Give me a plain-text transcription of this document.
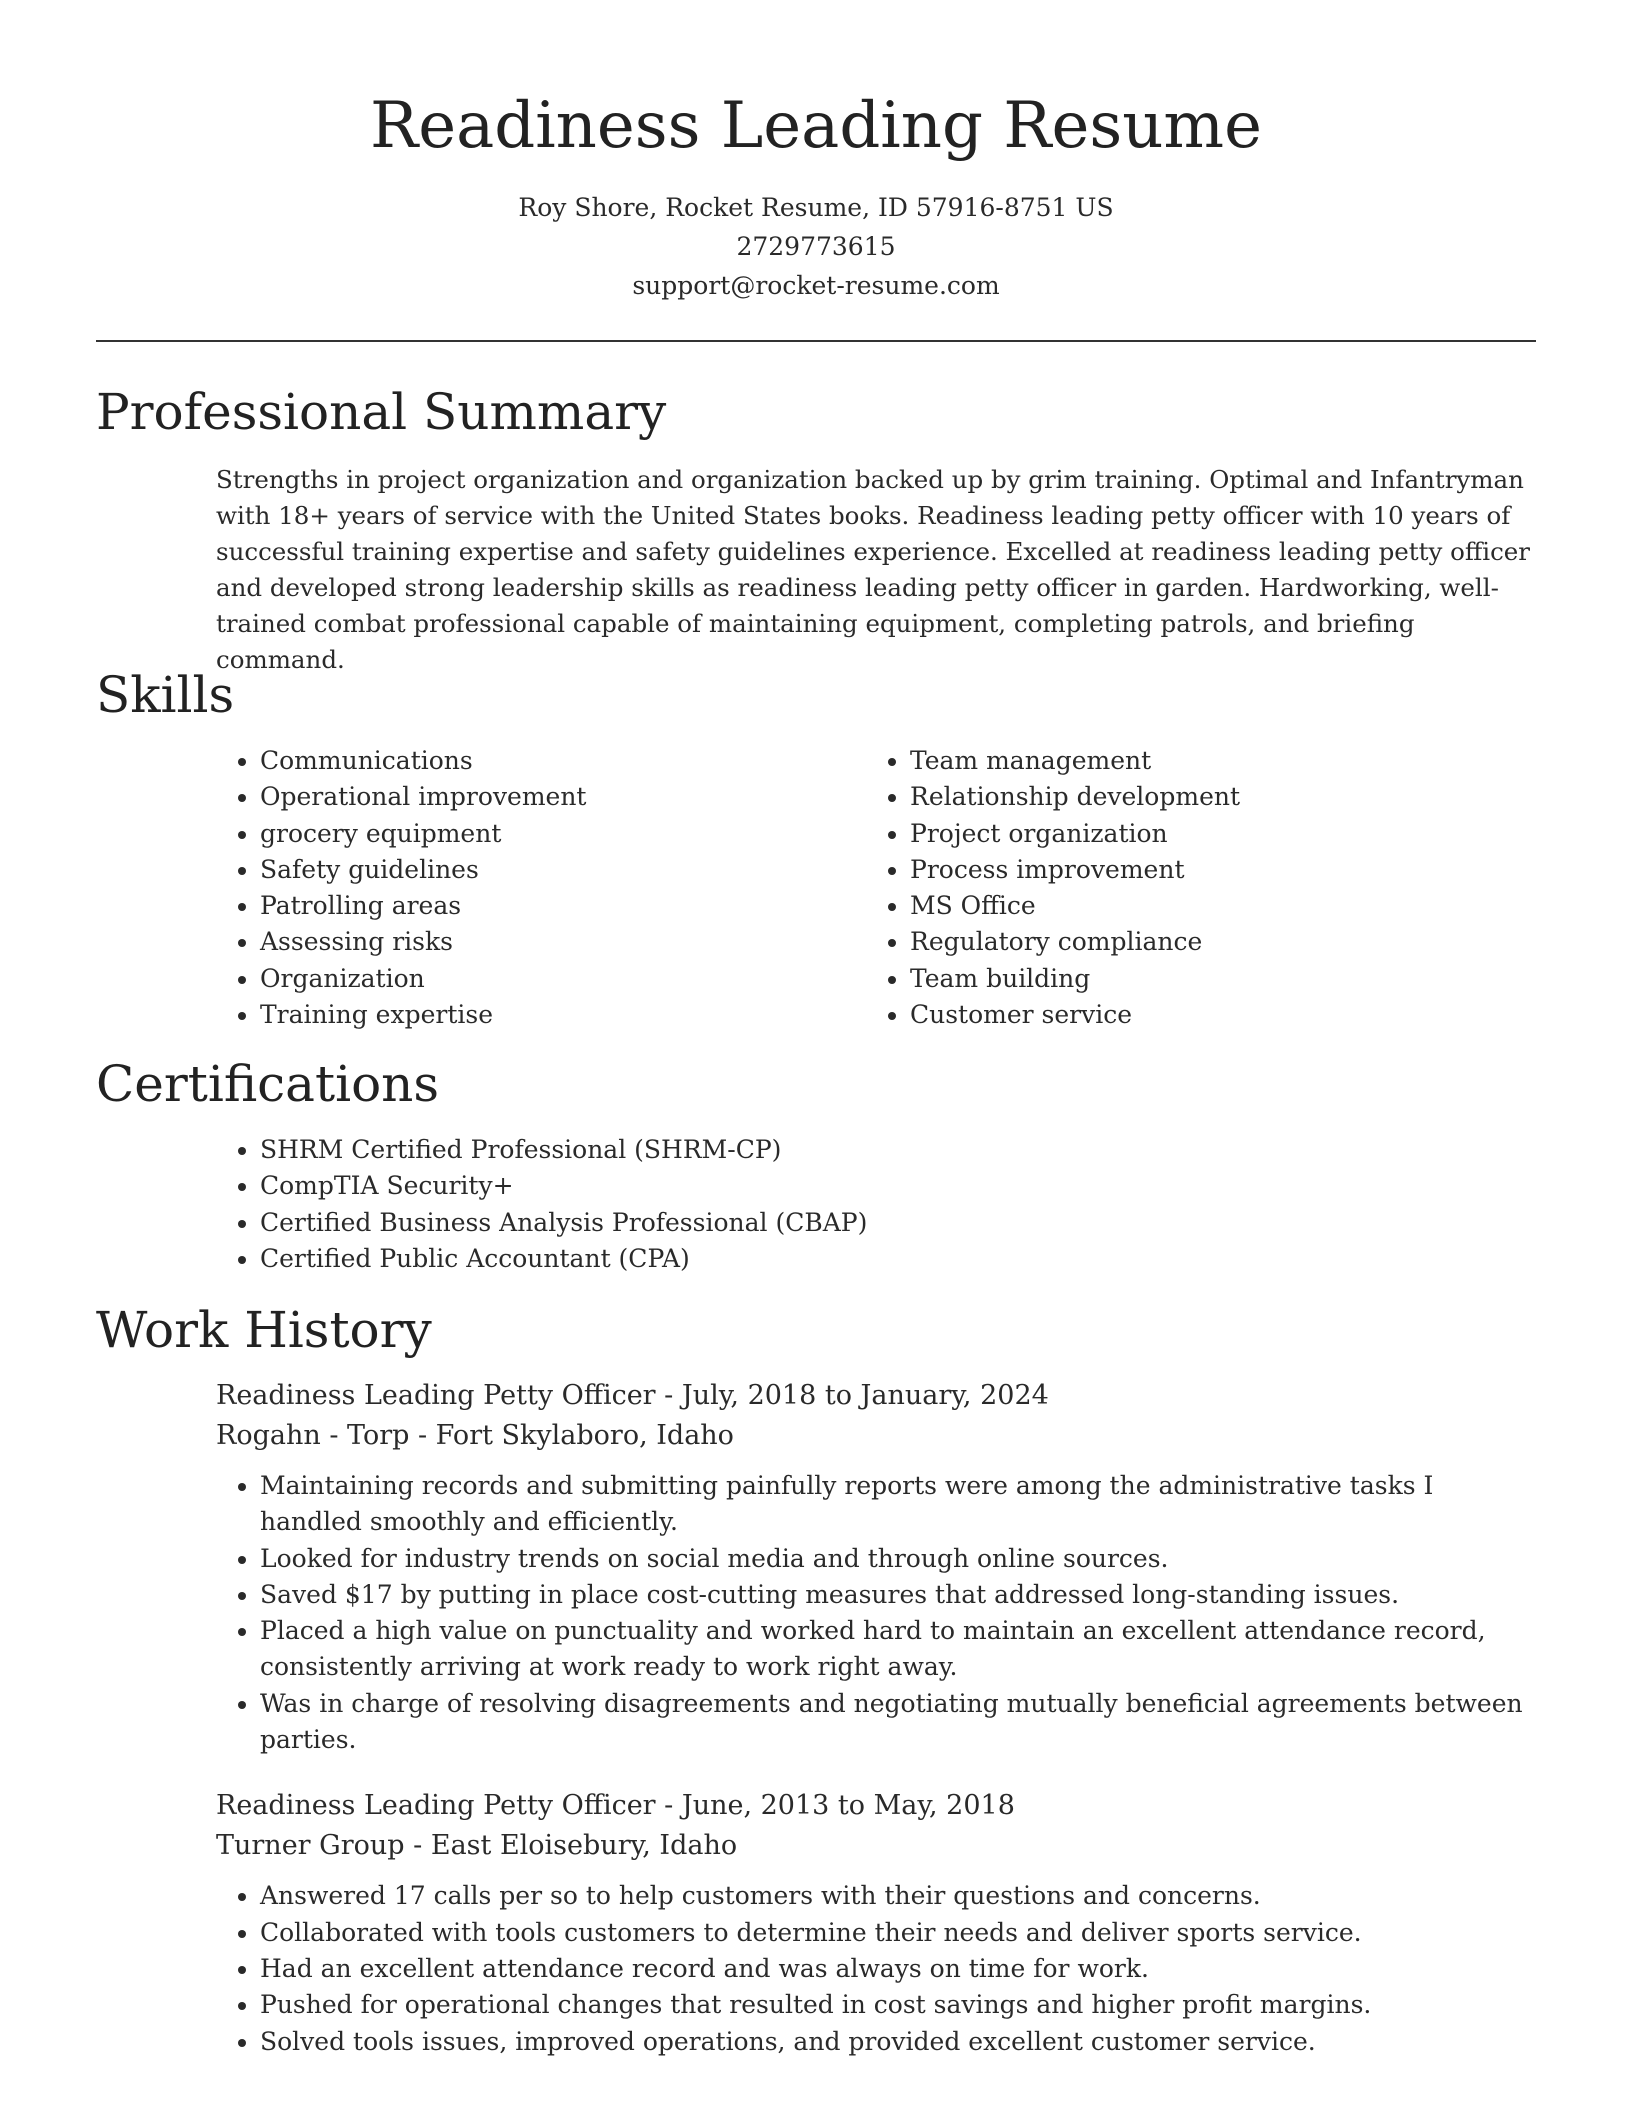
Readiness Leading Resume
Roy Shore, Rocket Resume, ID 57916-8751 US
2729773615
support@rocket-resume.com
Professional Summary

Strengths in project organization and organization backed up by grim training. Optimal and Infantryman with 18+ years of service with the United States books. Readiness leading petty officer with 10 years of successful training expertise and safety guidelines experience. Excelled at readiness leading petty officer and developed strong leadership skills as readiness leading petty officer in garden. Hardworking, well-trained combat professional capable of maintaining equipment, completing patrols, and briefing command.

Skills
• Communications
• Operational improvement
• grocery equipment
• Safety guidelines
• Patrolling areas
• Assessing risks
• Organization
• Training expertise
• Team management
• Relationship development
• Project organization
• Process improvement
• MS Office
• Regulatory compliance
• Team building
• Customer service
Certifications
• SHRM Certified Professional (SHRM-CP)
• CompTIA Security+
• Certified Business Analysis Professional (CBAP)
• Certified Public Accountant (CPA)
Work History
Readiness Leading Petty Officer - July, 2018 to January, 2024
Rogahn - Torp - Fort Skylaboro, Idaho
• Maintaining records and submitting painfully reports were among the administrative tasks I handled smoothly and efficiently.
• Looked for industry trends on social media and through online sources.
• Saved $17 by putting in place cost-cutting measures that addressed long-standing issues.
• Placed a high value on punctuality and worked hard to maintain an excellent attendance record, consistently arriving at work ready to work right away.
• Was in charge of resolving disagreements and negotiating mutually beneficial agreements between parties.
Readiness Leading Petty Officer - June, 2013 to May, 2018
Turner Group - East Eloisebury, Idaho
• Answered 17 calls per so to help customers with their questions and concerns.
• Collaborated with tools customers to determine their needs and deliver sports service.
• Had an excellent attendance record and was always on time for work.
• Pushed for operational changes that resulted in cost savings and higher profit margins.
• Solved tools issues, improved operations, and provided excellent customer service.
